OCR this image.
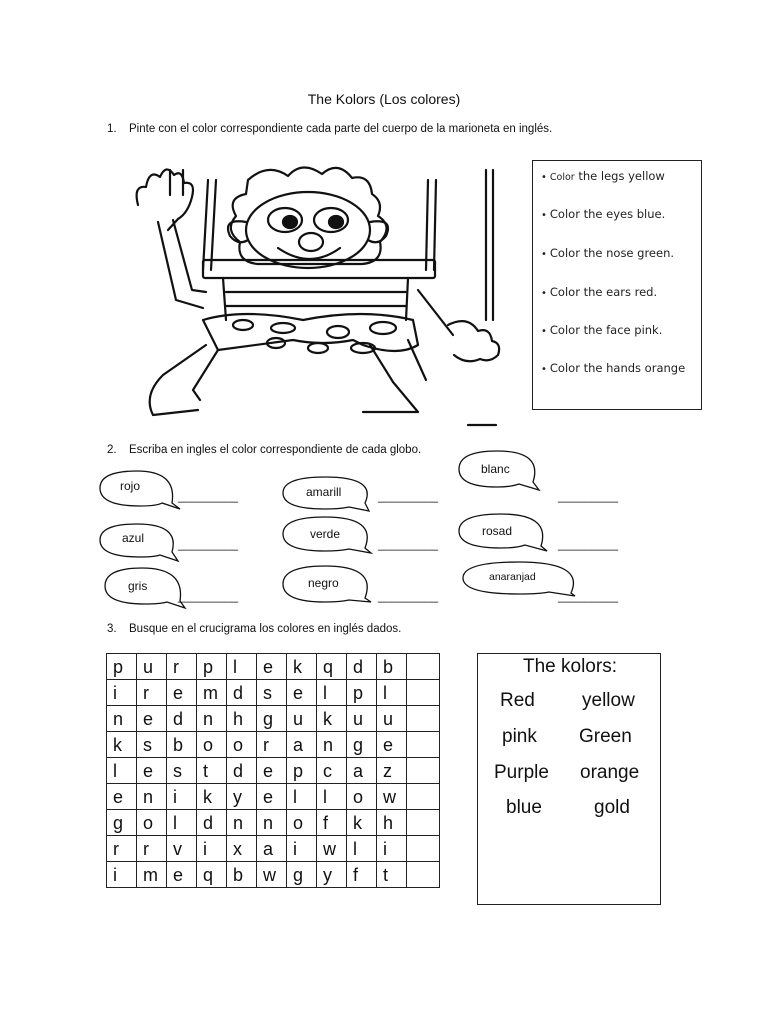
The Kolors (Los colores)
1. Pinte con el color correspondiente cada parte del cuerpo de la marioneta en inglés.
• Color the legs yellow
• Color the eyes blue.
• Color the nose green.
• Color the ears red.
• Color the face pink.
• Color the hands orange
2. Escriba en ingles el color correspondiente de cada globo.
rojo	amarill
blanc
azul	verde	rosad
gris	negro	anaranjad
_________	_________	_________
_________	_________	_________
_________	_________	_________
3. Busque en el crucigrama los colores en inglés dados.
p	u	r	p	l	e	k	q	d	b	
i	r	e	m	d	s	e	l	p	l	
n	e	d	n	h	g	u	k	u	u	
k	s	b	o	o	r	a	n	g	e	
l	e	s	t	d	e	p	c	a	z	
e	n	i	k	y	e	l	l	o	w	
g	o	l	d	n	n	o	f	k	h	
r	r	v	i	x	a	i	w	l	i	
i	m	e	q	b	w	g	y	f	t	
The kolors:
Red yellow
pink Green
Purple orange
blue	gold
